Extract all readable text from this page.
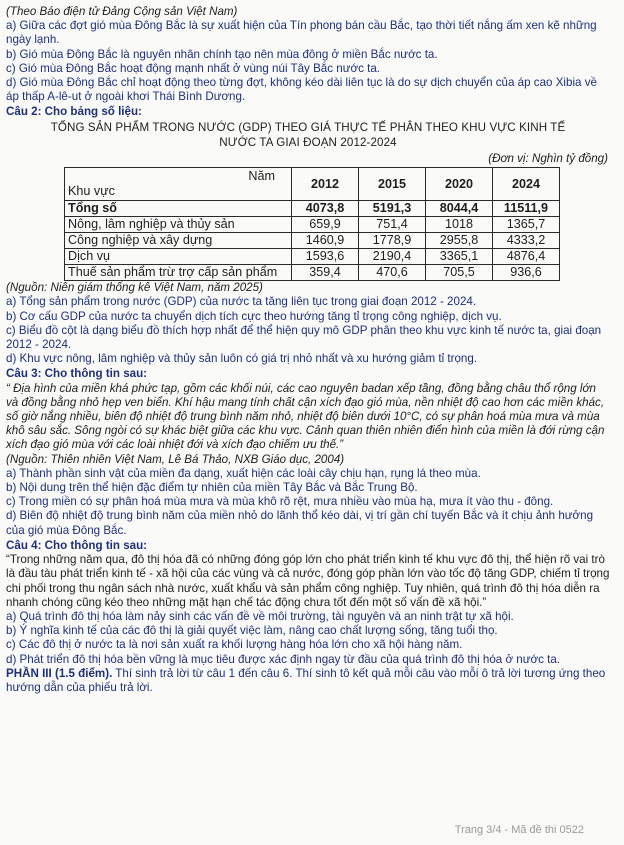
(Theo Báo điện tử Đảng Cộng sản Việt Nam)

a) Giữa các đợt gió mùa Đông Bắc là sự xuất hiện của Tín phong bán cầu Bắc, tạo thời tiết nắng ấm xen kẽ những ngày lạnh.

b) Gió mùa Đông Bắc là nguyên nhân chính tạo nên mùa đông ở miền Bắc nước ta.

c) Gió mùa Đông Bắc hoạt động mạnh nhất ở vùng núi Tây Bắc nước ta.

d) Gió mùa Đông Bắc chỉ hoạt động theo từng đợt, không kéo dài liên tục là do sự dịch chuyển của áp cao Xibia về áp thấp A-lê-ut ở ngoài khơi Thái Bình Dương.

Câu 2: Cho bảng số liệu:

TỔNG SẢN PHẨM TRONG NƯỚC (GDP) THEO GIÁ THỰC TẾ PHÂN THEO KHU VỰC KINH TẾ

NƯỚC TA GIAI ĐOẠN 2012-2024

(Đơn vị: Nghìn tỷ đồng)

Năm
Khu vực	2012	2015	2020	2024
Tổng số	4073,8	5191,3	8044,4	11511,9
Nông, lâm nghiệp và thủy sản	659,9	751,4	1018	1365,7
Công nghiệp và xây dựng	1460,9	1778,9	2955,8	4333,2
Dịch vụ	1593,6	2190,4	3365,1	4876,4
Thuế sản phẩm trừ trợ cấp sản phẩm	359,4	470,6	705,5	936,6

(Nguồn: Niên giám thống kê Việt Nam, năm 2025)

a) Tổng sản phẩm trong nước (GDP) của nước ta tăng liên tục trong giai đoạn 2012 - 2024.

b) Cơ cấu GDP của nước ta chuyển dịch tích cực theo hướng tăng tỉ trọng công nghiệp, dịch vụ.

c) Biểu đồ cột là dạng biểu đồ thích hợp nhất để thể hiện quy mô GDP phân theo khu vực kinh tế nước ta, giai đoạn 2012 - 2024.

d) Khu vực nông, lâm nghiệp và thủy sản luôn có giá trị nhỏ nhất và xu hướng giảm tỉ trọng.

Câu 3: Cho thông tin sau:

“ Địa hình của miền khá phức tạp, gồm các khối núi, các cao nguyên badan xếp tầng, đồng bằng châu thổ rộng lớn và đồng bằng nhỏ hẹp ven biển. Khí hậu mang tính chất cận xích đạo gió mùa, nền nhiệt độ cao hơn các miền khác, số giờ nắng nhiều, biên độ nhiệt độ trung bình năm nhỏ, nhiệt độ biên dưới 10°C, có sự phân hoá mùa mưa và mùa khô sâu sắc. Sông ngòi có sự khác biệt giữa các khu vực. Cảnh quan thiên nhiên điển hình của miền là đới rừng cận xích đạo gió mùa với các loài nhiệt đới và xích đạo chiếm ưu thế.”

(Nguồn: Thiên nhiên Việt Nam, Lê Bá Thảo, NXB Giáo dục, 2004)

a) Thành phần sinh vật của miền đa dạng, xuất hiện các loài cây chịu hạn, rụng lá theo mùa.

b) Nội dung trên thể hiện đặc điểm tự nhiên của miền Tây Bắc và Bắc Trung Bộ.

c) Trong miền có sự phân hoá mùa mưa và mùa khô rõ rệt, mưa nhiều vào mùa hạ, mưa ít vào thu - đông.

d) Biên độ nhiệt độ trung bình năm của miền nhỏ do lãnh thổ kéo dài, vị trí gần chí tuyến Bắc và ít chịu ảnh hưởng của gió mùa Đông Bắc.

Câu 4: Cho thông tin sau:

“Trong những năm qua, đô thị hóa đã có những đóng góp lớn cho phát triển kinh tế khu vực đô thị, thể hiện rõ vai trò là đầu tàu phát triển kinh tế - xã hội của các vùng và cả nước, đóng góp phần lớn vào tốc độ tăng GDP, chiếm tỉ trọng chi phối trong thu ngân sách nhà nước, xuất khẩu và sản phẩm công nghiệp. Tuy nhiên, quá trình đô thị hóa diễn ra nhanh chóng cũng kéo theo những mặt hạn chế tác động chưa tốt đến một số vấn đề xã hội.”

a) Quá trình đô thị hóa làm nảy sinh các vấn đề về môi trường, tài nguyên và an ninh trật tự xã hội.

b) Ý nghĩa kinh tế của các đô thị là giải quyết việc làm, nâng cao chất lượng sống, tăng tuổi thọ.

c) Các đô thị ở nước ta là nơi sản xuất ra khối lượng hàng hóa lớn cho xã hội hàng năm.

d) Phát triển đô thị hóa bền vững là mục tiêu được xác định ngay từ đầu của quá trình đô thị hóa ở nước ta.

PHẦN III (1.5 điểm). Thí sinh trả lời từ câu 1 đến câu 6. Thí sinh tô kết quả mỗi câu vào mỗi ô trả lời tương ứng theo hướng dẫn của phiếu trả lời.

Trang 3/4 - Mã đề thi 0522
